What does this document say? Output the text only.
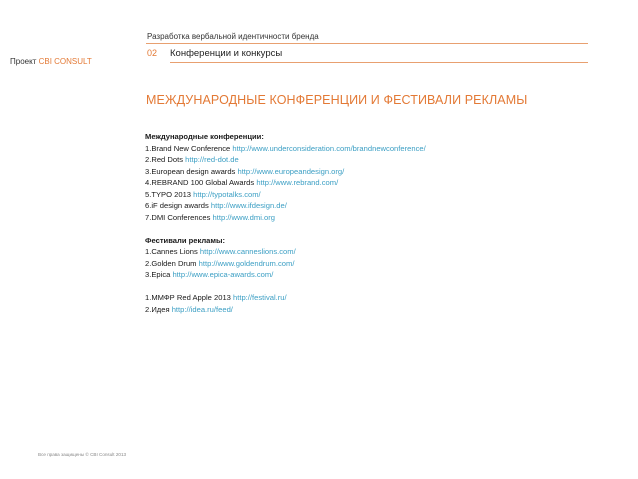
Разработка вербальной идентичности бренда
Проект CBI CONSULT
02 Конференции и конкурсы
МЕЖДУНАРОДНЫЕ КОНФЕРЕНЦИИ И ФЕСТИВАЛИ РЕКЛАМЫ
Международные конференции:
1.Brand New Conference http://www.underconsideration.com/brandnewconference/
2.Red Dots http://red-dot.de
3.European design awards http://www.europeandesign.org/
4.REBRAND 100 Global Awards http://www.rebrand.com/
5.TYPO 2013 http://typotalks.com/
6.iF design awards http://www.ifdesign.de/
7.DMI Conferences http://www.dmi.org
Фестивали рекламы:
1.Cannes Lions http://www.canneslions.com/
2.Golden Drum http://www.goldendrum.com/
3.Epica http://www.epica-awards.com/
1.ММФР Red Apple 2013 http://festival.ru/
2.Идея http://idea.ru/feed/
Все права защищены © CBI Consult 2013
